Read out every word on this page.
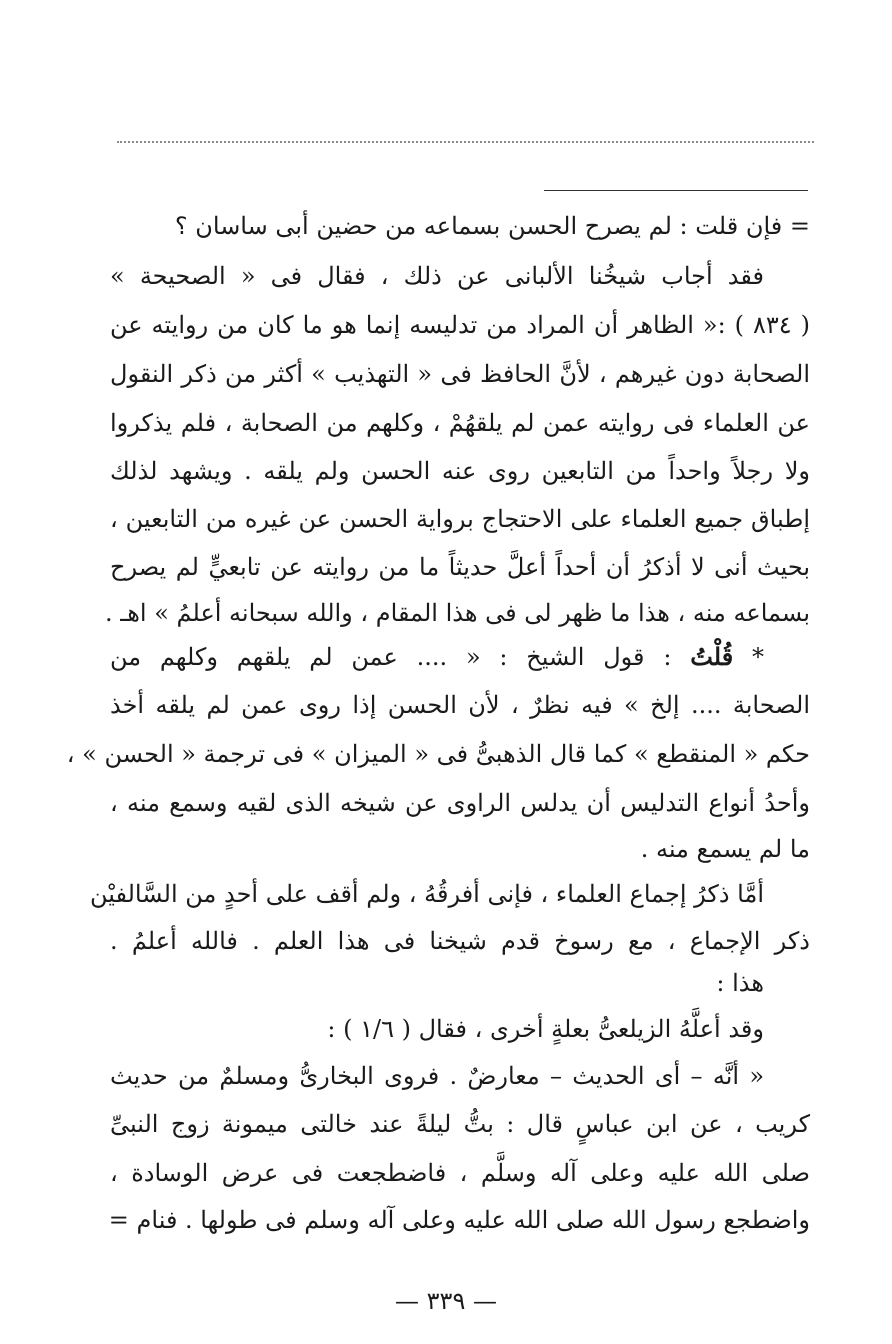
= فإن قلت : لم يصرح الحسن بسماعه من حضين أبى ساسان ؟
فقد أجاب شيخُنا الألبانى عن ذلك ، فقال فى « الصحيحة »
( ٨٣٤ ) :« الظاهر أن المراد من تدليسه إنما هو ما كان من روايته عن
الصحابة دون غيرهم ، لأنَّ الحافظ فى « التهذيب » أكثر من ذكر النقول
عن العلماء فى روايته عمن لم يلقهُمْ ، وكلهم من الصحابة ، فلم يذكروا
ولا رجلاً واحداً من التابعين روى عنه الحسن ولم يلقه . ويشهد لذلك
إطباق جميع العلماء على الاحتجاج برواية الحسن عن غيره من التابعين ،
بحيث أنى لا أذكرُ أن أحداً أعلَّ حديثاً ما من روايته عن تابعيٍّ لم يصرح
بسماعه منه ، هذا ما ظهر لى فى هذا المقام ، والله سبحانه أعلمُ » اهـ .
* قُلْتُ : قول الشيخ : « .... عمن لم يلقهم وكلهم من
الصحابة .... إلخ » فيه نظرٌ ، لأن الحسن إذا روى عمن لم يلقه أخذ
حكم « المنقطع » كما قال الذهبىُّ فى « الميزان » فى ترجمة « الحسن » ،
وأحدُ أنواع التدليس أن يدلس الراوى عن شيخه الذى لقيه وسمع منه ،
ما لم يسمع منه .
أمَّا ذكرُ إجماع العلماء ، فإنى أفرقُهُ ، ولم أقف على أحدٍ من السَّالفيْن
ذكر الإجماع ، مع رسوخ قدم شيخنا فى هذا العلم . فالله أعلمُ .
هذا :
وقد أعلَّهُ الزيلعىُّ بعلةٍ أخرى ، فقال ( ١/٦ ) :
« أنَّه – أى الحديث – معارضٌ . فروى البخارىُّ ومسلمٌ من حديث
كريب ، عن ابن عباسٍ قال : بتُّ ليلةً عند خالتى ميمونة زوج النبىِّ
صلى الله عليه وعلى آله وسلَّم ، فاضطجعت فى عرض الوسادة ،
واضطجع رسول الله صلى الله عليه وعلى آله وسلم فى طولها . فنام =
— ٣٣٩ —
